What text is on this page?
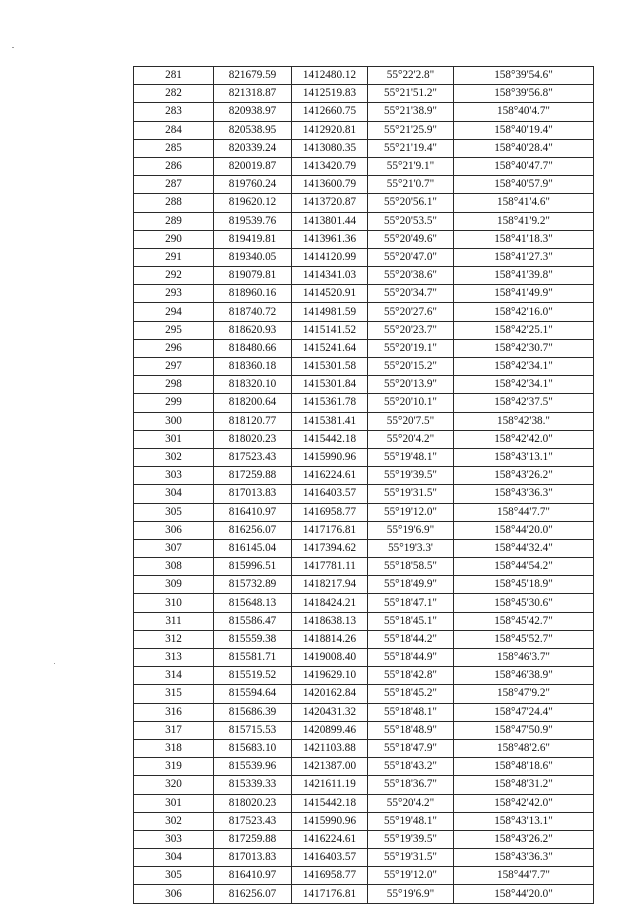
281	821679.59	1412480.12	55°22'2.8"	158°39'54.6"
282	821318.87	1412519.83	55°21'51.2"	158°39'56.8"
283	820938.97	1412660.75	55°21'38.9"	158°40'4.7"
284	820538.95	1412920.81	55°21'25.9"	158°40'19.4"
285	820339.24	1413080.35	55°21'19.4"	158°40'28.4"
286	820019.87	1413420.79	55°21'9.1"	158°40'47.7"
287	819760.24	1413600.79	55°21'0.7"	158°40'57.9"
288	819620.12	1413720.87	55°20'56.1"	158°41'4.6"
289	819539.76	1413801.44	55°20'53.5"	158°41'9.2"
290	819419.81	1413961.36	55°20'49.6"	158°41'18.3"
291	819340.05	1414120.99	55°20'47.0"	158°41'27.3"
292	819079.81	1414341.03	55°20'38.6"	158°41'39.8"
293	818960.16	1414520.91	55°20'34.7"	158°41'49.9"
294	818740.72	1414981.59	55°20'27.6"	158°42'16.0"
295	818620.93	1415141.52	55°20'23.7"	158°42'25.1"
296	818480.66	1415241.64	55°20'19.1"	158°42'30.7"
297	818360.18	1415301.58	55°20'15.2"	158°42'34.1"
298	818320.10	1415301.84	55°20'13.9"	158°42'34.1"
299	818200.64	1415361.78	55°20'10.1"	158°42'37.5"
300	818120.77	1415381.41	55°20'7.5"	158°42'38."
301	818020.23	1415442.18	55°20'4.2"	158°42'42.0"
302	817523.43	1415990.96	55°19'48.1"	158°43'13.1"
303	817259.88	1416224.61	55°19'39.5"	158°43'26.2"
304	817013.83	1416403.57	55°19'31.5"	158°43'36.3"
305	816410.97	1416958.77	55°19'12.0"	158°44'7.7"
306	816256.07	1417176.81	55°19'6.9"	158°44'20.0"
307	816145.04	1417394.62	55°19'3.3'	158°44'32.4"
308	815996.51	1417781.11	55°18'58.5"	158°44'54.2"
309	815732.89	1418217.94	55°18'49.9"	158°45'18.9"
310	815648.13	1418424.21	55°18'47.1"	158°45'30.6"
311	815586.47	1418638.13	55°18'45.1"	158°45'42.7"
312	815559.38	1418814.26	55°18'44.2"	158°45'52.7"
313	815581.71	1419008.40	55°18'44.9"	158°46'3.7"
314	815519.52	1419629.10	55°18'42.8"	158°46'38.9"
315	815594.64	1420162.84	55°18'45.2"	158°47'9.2"
316	815686.39	1420431.32	55°18'48.1"	158°47'24.4"
317	815715.53	1420899.46	55°18'48.9"	158°47'50.9"
318	815683.10	1421103.88	55°18'47.9"	158°48'2.6"
319	815539.96	1421387.00	55°18'43.2"	158°48'18.6"
320	815339.33	1421611.19	55°18'36.7"	158°48'31.2"
301	818020.23	1415442.18	55°20'4.2"	158°42'42.0"
302	817523.43	1415990.96	55°19'48.1"	158°43'13.1"
303	817259.88	1416224.61	55°19'39.5"	158°43'26.2"
304	817013.83	1416403.57	55°19'31.5"	158°43'36.3"
305	816410.97	1416958.77	55°19'12.0"	158°44'7.7"
306	816256.07	1417176.81	55°19'6.9"	158°44'20.0"
